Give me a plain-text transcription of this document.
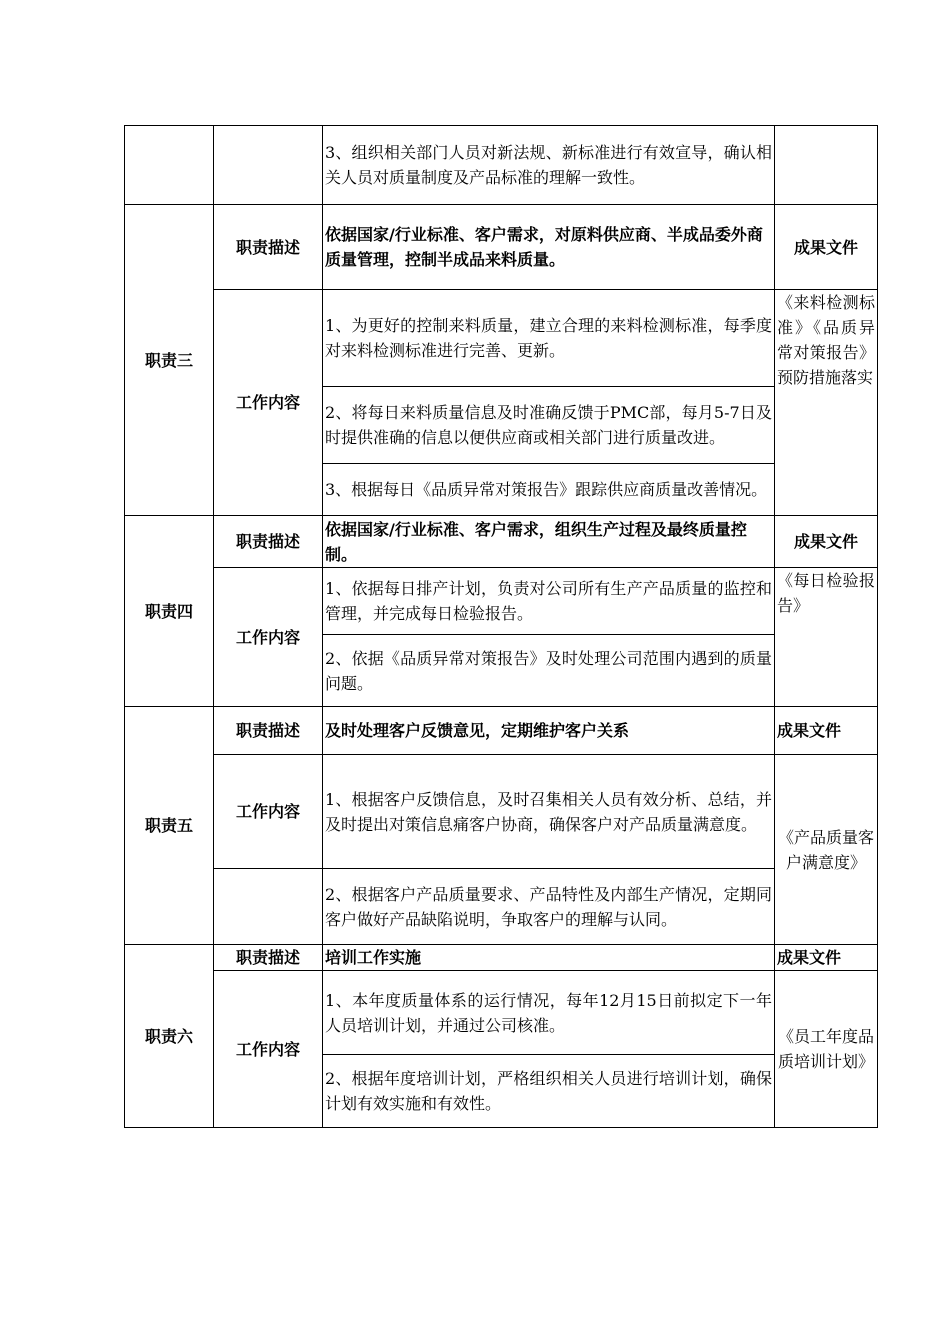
		3、组织相关部门人员对新法规、新标准进行有效宣导，确认相关人员对质量制度及产品标准的理解一致性。	
职责三	职责描述	依据国家/行业标准、客户需求，对原料供应商、半成品委外商质量管理，控制半成品来料质量。	成果文件
	工作内容	1、为更好的控制来料质量，建立合理的来料检测标准，每季度对来料检测标准进行完善、更新。	《来料检测标准》《品质异常对策报告》预防措施落实
		2、将每日来料质量信息及时准确反馈于PMC部，每月5-7日及时提供准确的信息以便供应商或相关部门进行质量改进。	
		3、根据每日《品质异常对策报告》跟踪供应商质量改善情况。	
职责四	职责描述	依据国家/行业标准、客户需求，组织生产过程及最终质量控制。	成果文件
	工作内容	1、依据每日排产计划，负责对公司所有生产产品质量的监控和管理，并完成每日检验报告。	《每日检验报告》
		2、依据《品质异常对策报告》及时处理公司范围内遇到的质量问题。	
职责五	职责描述	及时处理客户反馈意见，定期维护客户关系	成果文件
	工作内容	1、根据客户反馈信息，及时召集相关人员有效分析、总结，并及时提出对策信息痛客户协商，确保客户对产品质量满意度。	《产品质量客户满意度》
		2、根据客户产品质量要求、产品特性及内部生产情况，定期同客户做好产品缺陷说明，争取客户的理解与认同。	
职责六	职责描述	培训工作实施	成果文件
	工作内容	1、本年度质量体系的运行情况，每年12月15日前拟定下一年人员培训计划，并通过公司核准。	《员工年度品质培训计划》
		2、根据年度培训计划，严格组织相关人员进行培训计划，确保计划有效实施和有效性。	
